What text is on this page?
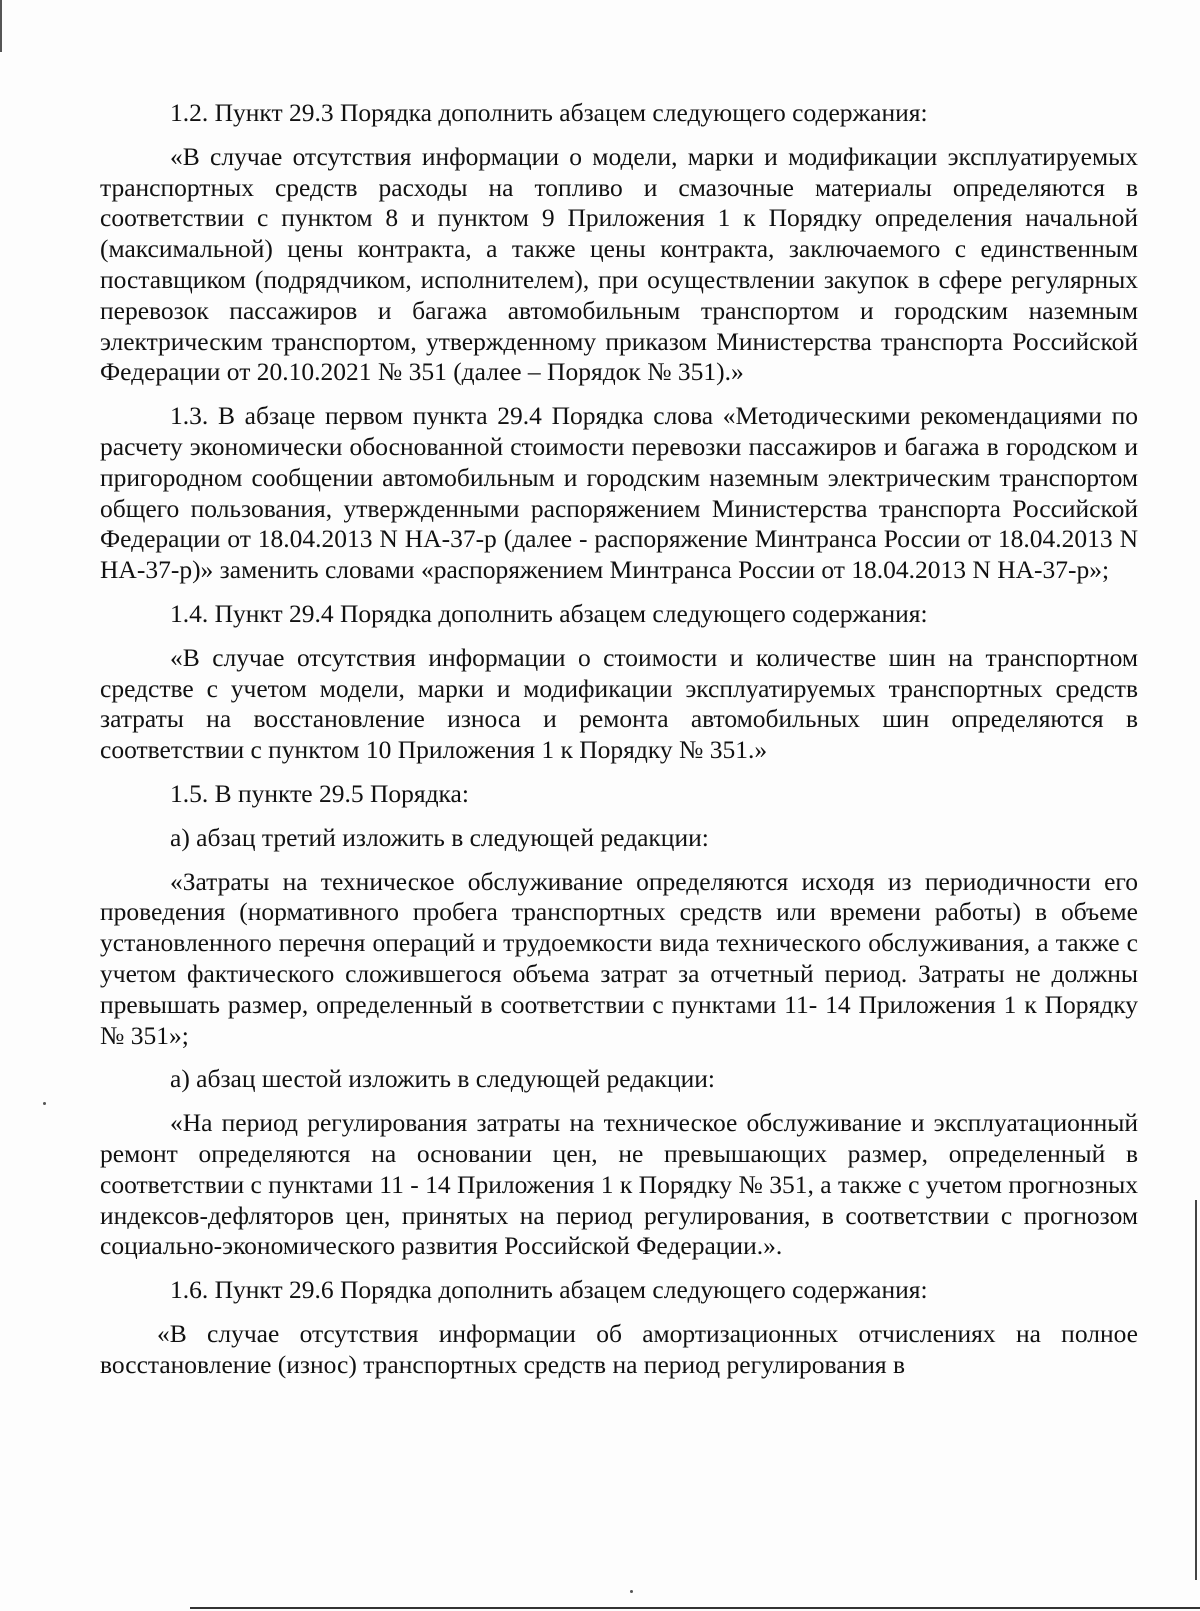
1.2. Пункт 29.3 Порядка дополнить абзацем следующего содержания:

«В случае отсутствия информации о модели, марки и модификации эксплуатируемых транспортных средств расходы на топливо и смазочные материалы определяются в соответствии с пунктом 8 и пунктом 9 Приложения 1 к Порядку определения начальной (максимальной) цены контракта, а также цены контракта, заключаемого с единственным поставщиком (подрядчиком, исполнителем), при осуществлении закупок в сфере регулярных перевозок пассажиров и багажа автомобильным транспортом и городским наземным электрическим транспортом, утвержденному приказом Министерства транспорта Российской Федерации от 20.10.2021 № 351 (далее – Порядок № 351).»

1.3. В абзаце первом пункта 29.4 Порядка слова «Методическими рекомендациями по расчету экономически обоснованной стоимости перевозки пассажиров и багажа в городском и пригородном сообщении автомобильным и городским наземным электрическим транспортом общего пользования, утвержденными распоряжением Министерства транспорта Российской Федерации от 18.04.2013 N НА-37-р (далее - распоряжение Минтранса России от 18.04.2013 N НА-37-р)» заменить словами «распоряжением Минтранса России от 18.04.2013 N НА-37-р»;

1.4. Пункт 29.4 Порядка дополнить абзацем следующего содержания:

«В случае отсутствия информации о стоимости и количестве шин на транспортном средстве с учетом модели, марки и модификации эксплуатируемых транспортных средств затраты на восстановление износа и ремонта автомобильных шин определяются в соответствии с пунктом 10 Приложения 1 к Порядку № 351.»

1.5. В пункте 29.5 Порядка:

а) абзац третий изложить в следующей редакции:

«Затраты на техническое обслуживание определяются исходя из периодичности его проведения (нормативного пробега транспортных средств или времени работы) в объеме установленного перечня операций и трудоемкости вида технического обслуживания, а также с учетом фактического сложившегося объема затрат за отчетный период. Затраты не должны превышать размер, определенный в соответствии с пунктами 11- 14 Приложения 1 к Порядку № 351»;

а) абзац шестой изложить в следующей редакции:

«На период регулирования затраты на техническое обслуживание и эксплуатационный ремонт определяются на основании цен, не превышающих размер, определенный в соответствии с пунктами 11 - 14 Приложения 1 к Порядку № 351, а также с учетом прогнозных индексов-дефляторов цен, принятых на период регулирования, в соответствии с прогнозом социально-экономического развития Российской Федерации.».

1.6. Пункт 29.6 Порядка дополнить абзацем следующего содержания:

«В случае отсутствия информации об амортизационных отчислениях на полное восстановление (износ) транспортных средств на период регулирования в
